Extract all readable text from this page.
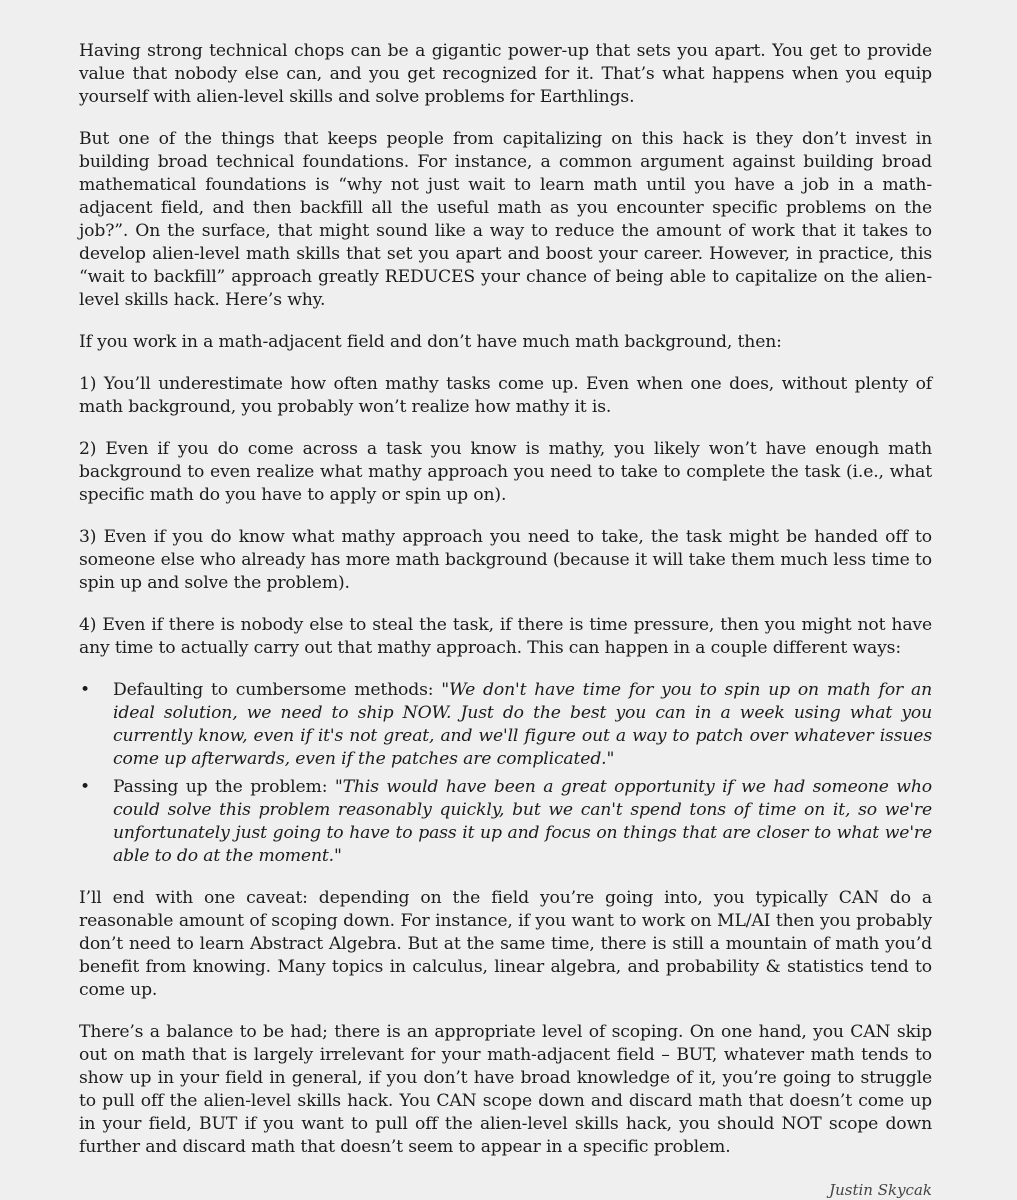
Having strong technical chops can be a gigantic power-up that sets you apart. You get to provide value that nobody else can, and you get recognized for it. That’s what happens when you equip yourself with alien-level skills and solve problems for Earthlings.

But one of the things that keeps people from capitalizing on this hack is they don’t invest in building broad technical foundations. For instance, a common argument against building broad mathematical foundations is “why not just wait to learn math until you have a job in a math-adjacent field, and then backfill all the useful math as you encounter specific problems on the job?”. On the surface, that might sound like a way to reduce the amount of work that it takes to develop alien-level math skills that set you apart and boost your career. However, in practice, this “wait to backfill” approach greatly REDUCES your chance of being able to capitalize on the alien-level skills hack. Here’s why.

If you work in a math-adjacent field and don’t have much math background, then:

1) You’ll underestimate how often mathy tasks come up. Even when one does, without plenty of math background, you probably won’t realize how mathy it is.

2) Even if you do come across a task you know is mathy, you likely won’t have enough math background to even realize what mathy approach you need to take to complete the task (i.e., what specific math do you have to apply or spin up on).

3) Even if you do know what mathy approach you need to take, the task might be handed off to someone else who already has more math background (because it will take them much less time to spin up and solve the problem).

4) Even if there is nobody else to steal the task, if there is time pressure, then you might not have any time to actually carry out that mathy approach. This can happen in a couple different ways:

• Defaulting to cumbersome methods: "We don't have time for you to spin up on math for an ideal solution, we need to ship NOW. Just do the best you can in a week using what you currently know, even if it's not great, and we'll figure out a way to patch over whatever issues come up afterwards, even if the patches are complicated."
• Passing up the problem: "This would have been a great opportunity if we had someone who could solve this problem reasonably quickly, but we can't spend tons of time on it, so we're unfortunately just going to have to pass it up and focus on things that are closer to what we're able to do at the moment."

I’ll end with one caveat: depending on the field you’re going into, you typically CAN do a reasonable amount of scoping down. For instance, if you want to work on ML/AI then you probably don’t need to learn Abstract Algebra. But at the same time, there is still a mountain of math you’d benefit from knowing. Many topics in calculus, linear algebra, and probability & statistics tend to come up.

There’s a balance to be had; there is an appropriate level of scoping. On one hand, you CAN skip out on math that is largely irrelevant for your math-adjacent field – BUT, whatever math tends to show up in your field in general, if you don’t have broad knowledge of it, you’re going to struggle to pull off the alien-level skills hack. You CAN scope down and discard math that doesn’t come up in your field, BUT if you want to pull off the alien-level skills hack, you should NOT scope down further and discard math that doesn’t seem to appear in a specific problem.

Justin Skycak
